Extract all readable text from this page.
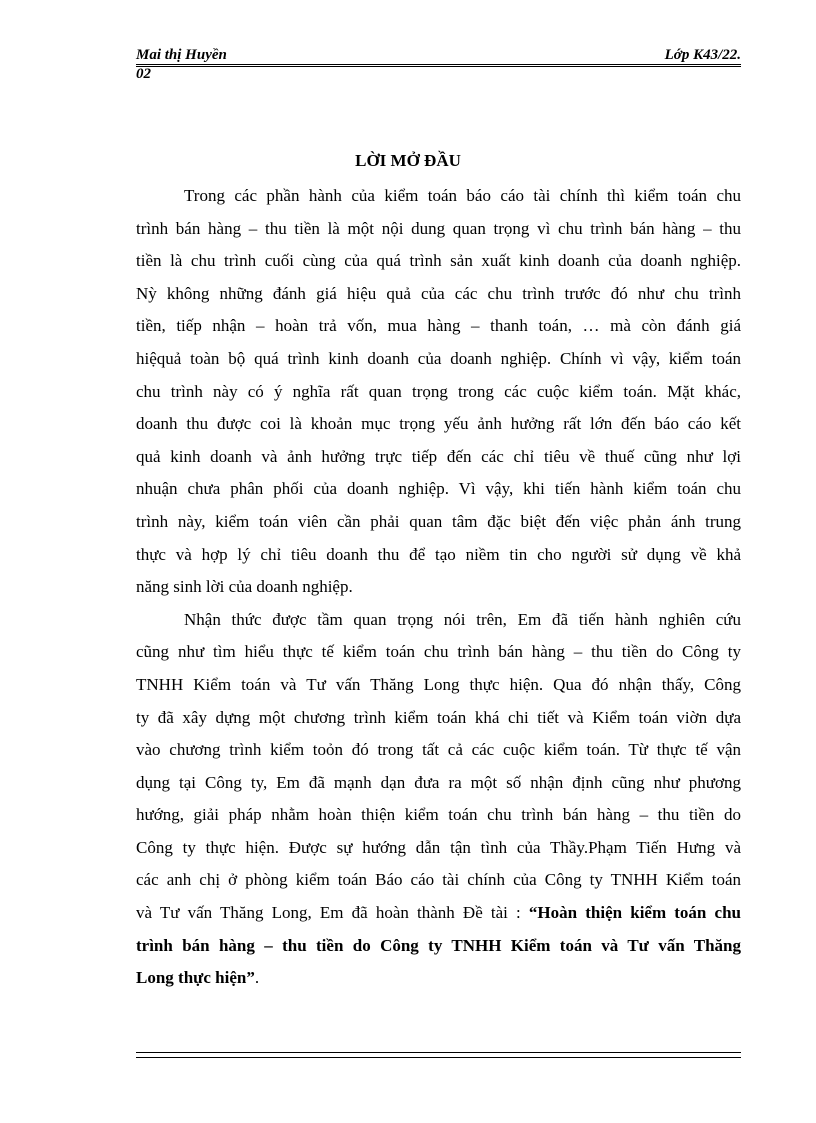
Mai thị Huyền	Lớp K43/22.
02
LỜI MỞ ĐẦU
Trong các phần hành của kiểm toán báo cáo tài chính thì kiểm toán chu
trình bán hàng – thu tiền là một nội dung quan trọng vì chu trình bán hàng – thu
tiền là chu trình cuối cùng của quá trình sản xuất kinh doanh của doanh nghiệp.
Nỳ không những đánh giá hiệu quả của các chu trình trước đó như chu trình
tiền, tiếp nhận – hoàn trả vốn, mua hàng – thanh toán, … mà còn đánh giá
hiệquả toàn bộ quá trình kinh doanh của doanh nghiệp. Chính vì vậy, kiểm toán
chu trình này có ý nghĩa rất quan trọng trong các cuộc kiểm toán. Mặt khác,
doanh thu được coi là khoản mục trọng yếu ảnh hưởng rất lớn đến báo cáo kết
quả kinh doanh và ảnh hưởng trực tiếp đến các chỉ tiêu về thuế cũng như lợi
nhuận chưa phân phối của doanh nghiệp. Vì vậy, khi tiến hành kiểm toán chu
trình này, kiểm toán viên cần phải quan tâm đặc biệt đến việc phản ánh trung
thực và hợp lý chỉ tiêu doanh thu để tạo niềm tin cho người sử dụng về khả
năng sinh lời của doanh nghiệp.
Nhận thức được tầm quan trọng nói trên, Em đã tiến hành nghiên cứu
cũng như tìm hiểu thực tế kiểm toán chu trình bán hàng – thu tiền do Công ty
TNHH Kiểm toán và Tư vấn Thăng Long thực hiện. Qua đó nhận thấy, Công
ty đã xây dựng một chương trình kiểm toán khá chi tiết và Kiểm toán viờn dựa
vào chương trình kiểm toỏn đó trong tất cả các cuộc kiểm toán. Từ thực tế vận
dụng tại Công ty, Em đã mạnh dạn đưa ra một số nhận định cũng như phương
hướng, giải pháp nhằm hoàn thiện kiểm toán chu trình bán hàng – thu tiền do
Công ty thực hiện. Được sự hướng dẫn tận tình của Thầy.Phạm Tiến Hưng và
các anh chị ở phòng kiểm toán Báo cáo tài chính của Công ty TNHH Kiểm toán
và Tư vấn Thăng Long, Em đã hoàn thành Đề tài : “Hoàn thiện kiểm toán chu
trình bán hàng – thu tiền do Công ty TNHH Kiểm toán và Tư vấn Thăng
Long thực hiện”.
